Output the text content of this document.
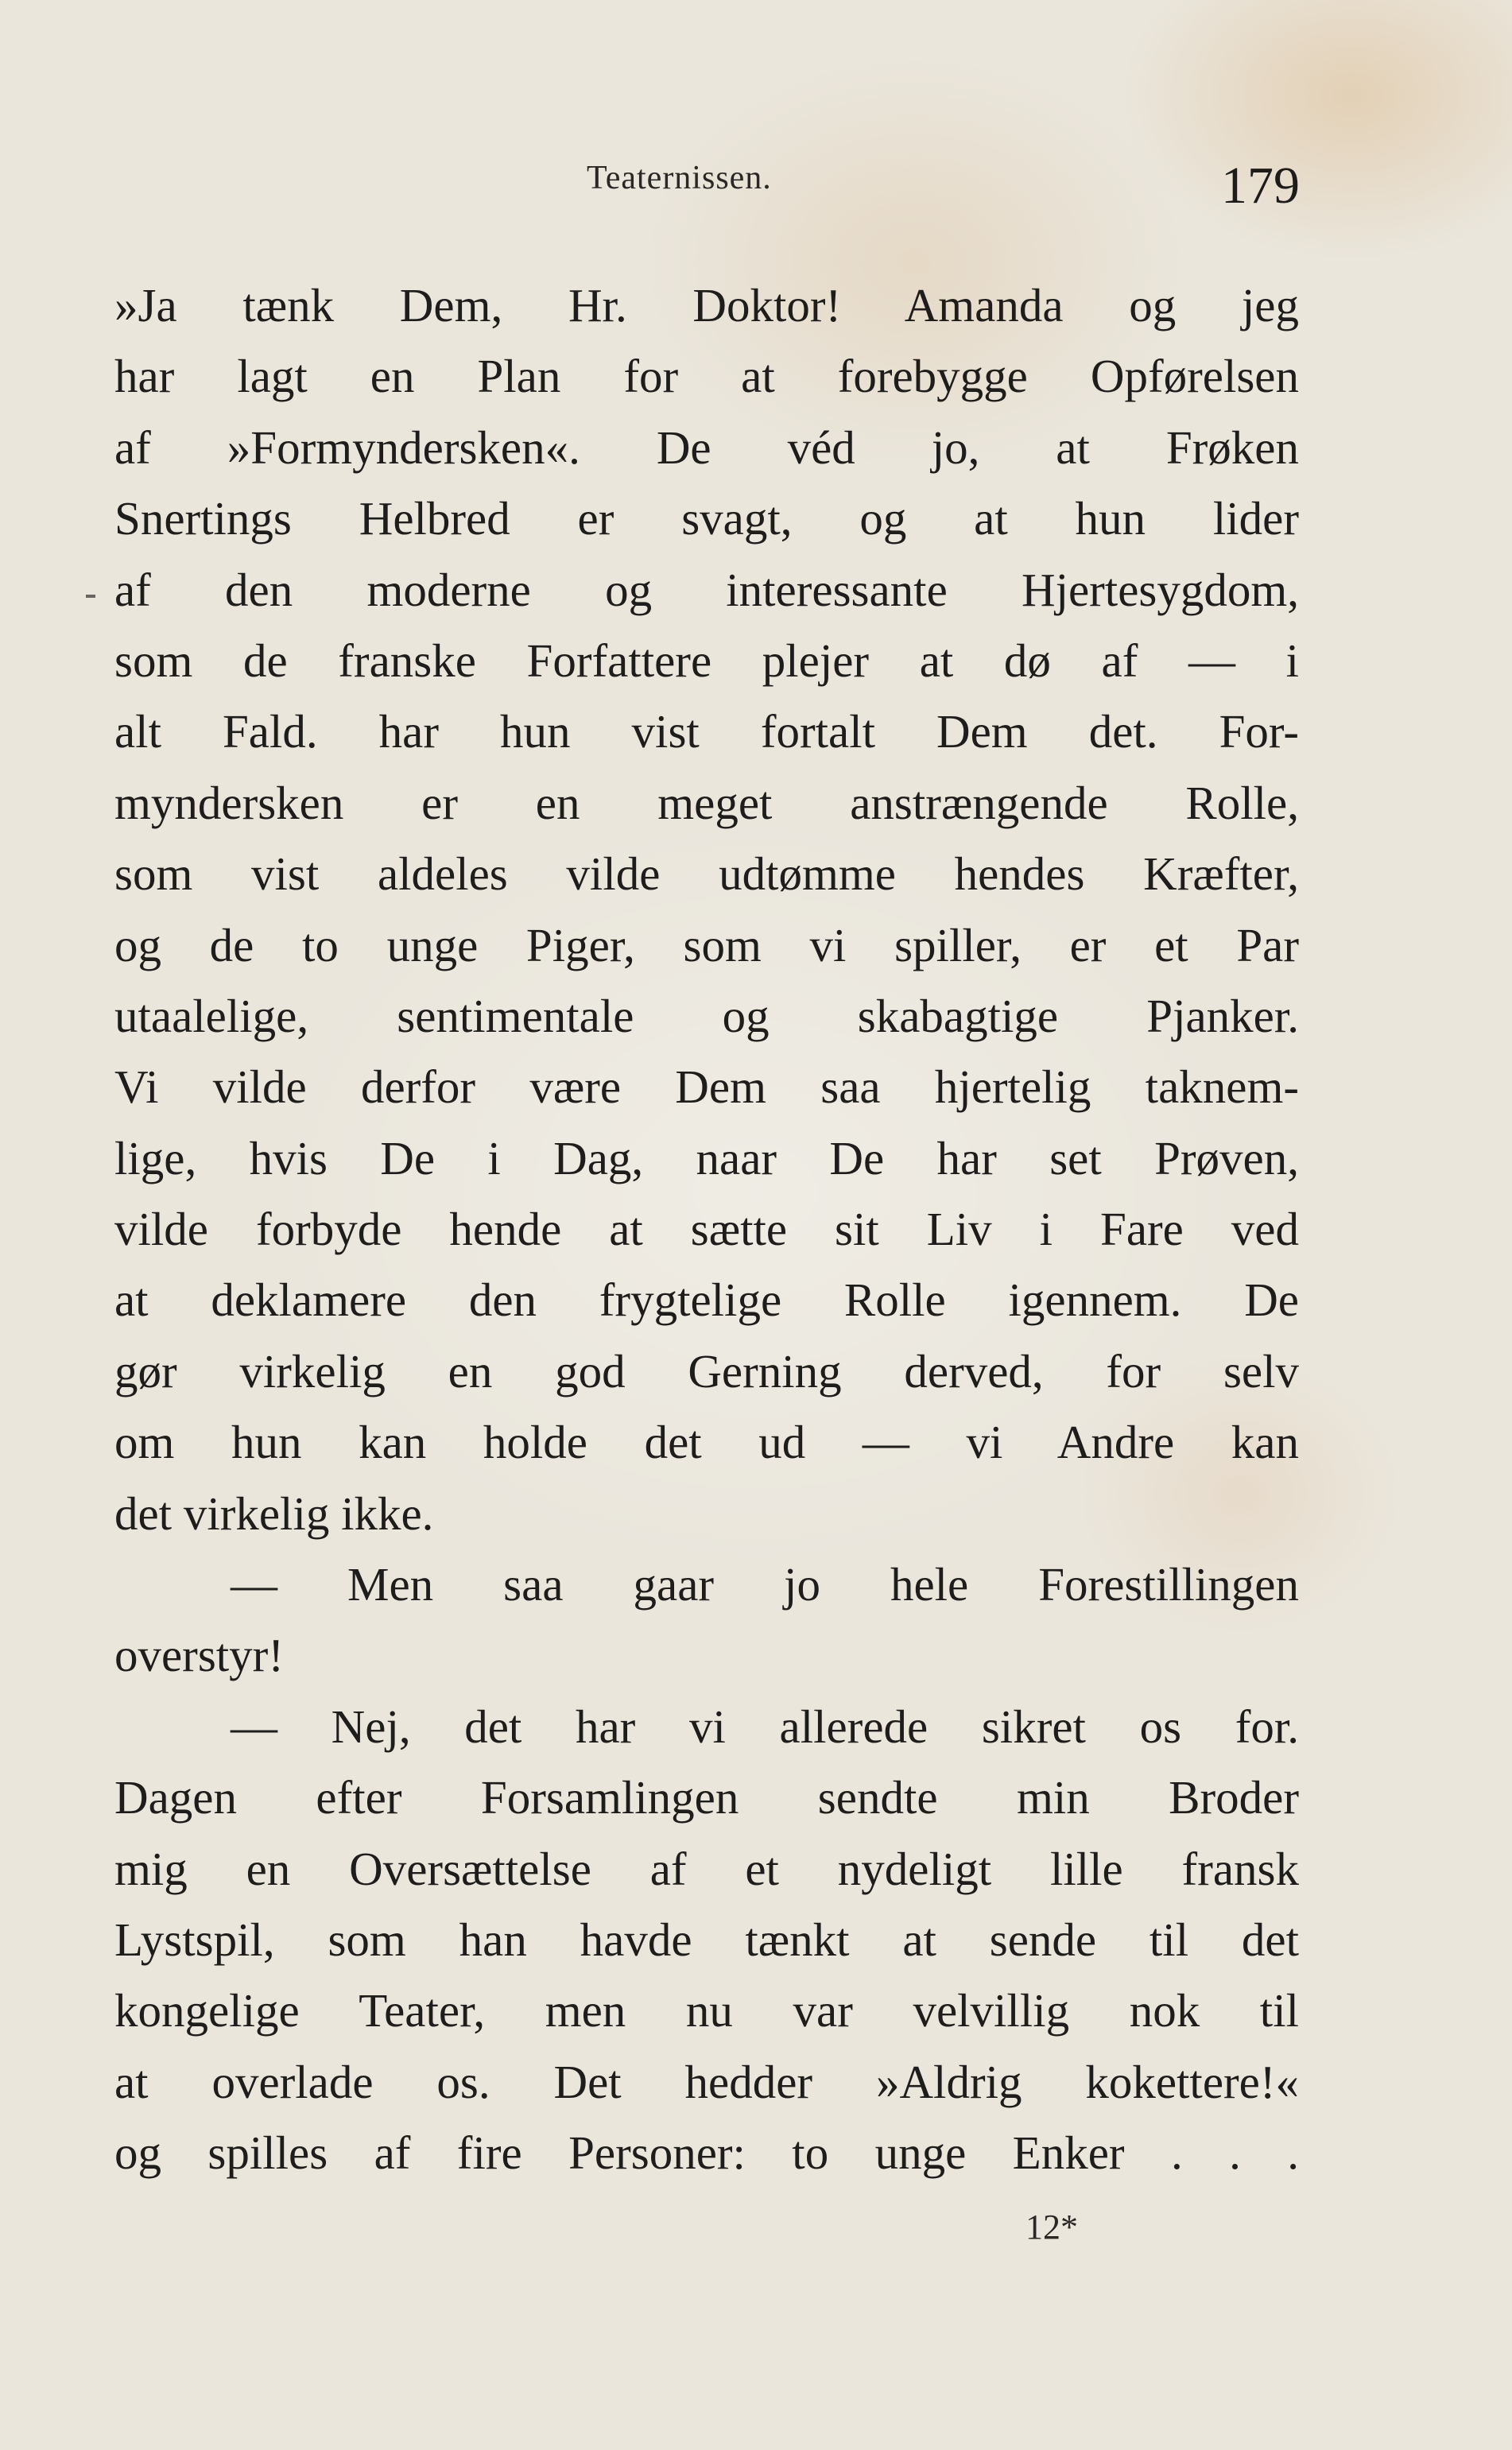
Teaternissen.	179
»Ja tænk Dem, Hr. Doktor! Amanda og jeg
har lagt en Plan for at forebygge Opførelsen
af »Formyndersken«. De véd jo, at Frøken
Snertings Helbred er svagt, og at hun lider
af den moderne og interessante Hjertesygdom,
som de franske Forfattere plejer at dø af — i
alt Fald. har hun vist fortalt Dem det. For-
myndersken er en meget anstrængende Rolle,
som vist aldeles vilde udtømme hendes Kræfter,
og de to unge Piger, som vi spiller, er et Par
utaalelige, sentimentale og skabagtige Pjanker.
Vi vilde derfor være Dem saa hjertelig taknem-
lige, hvis De i Dag, naar De har set Prøven,
vilde forbyde hende at sætte sit Liv i Fare ved
at deklamere den frygtelige Rolle igennem. De
gør virkelig en god Gerning derved, for selv
om hun kan holde det ud — vi Andre kan
det virkelig ikke.
— Men saa gaar jo hele Forestillingen
overstyr!
— Nej, det har vi allerede sikret os for.
Dagen efter Forsamlingen sendte min Broder
mig en Oversættelse af et nydeligt lille fransk
Lystspil, som han havde tænkt at sende til det
kongelige Teater, men nu var velvillig nok til
at overlade os. Det hedder »Aldrig kokettere!«
og spilles af fire Personer: to unge Enker . . .
12*
